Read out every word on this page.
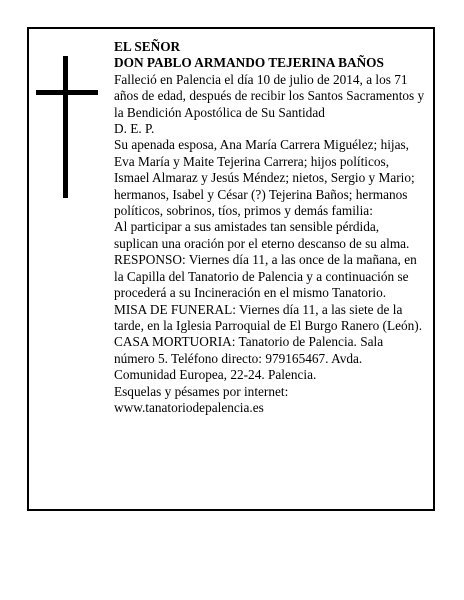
EL SEÑOR

DON PABLO ARMANDO TEJERINA BAÑOS

Falleció en Palencia el día 10 de julio de 2014, a los 71 años de edad, después de recibir los Santos Sacramentos y la Bendición Apostólica de Su Santidad

D. E. P.

Su apenada esposa, Ana María Carrera Miguélez; hijas, Eva María y Maite Tejerina Carrera; hijos políticos, Ismael Almaraz y Jesús Méndez; nietos, Sergio y Mario; hermanos, Isabel y César (?) Tejerina Baños; hermanos políticos, sobrinos, tíos, primos y demás familia:

Al participar a sus amistades tan sensible pérdida, suplican una oración por el eterno descanso de su alma.

RESPONSO: Viernes día 11, a las once de la mañana, en la Capilla del Tanatorio de Palencia y a continuación se procederá a su Incineración en el mismo Tanatorio.

MISA DE FUNERAL: Viernes día 11, a las siete de la tarde, en la Iglesia Parroquial de El Burgo Ranero (León).

CASA MORTUORIA: Tanatorio de Palencia. Sala número 5. Teléfono directo: 979165467. Avda. Comunidad Europea, 22-24. Palencia.

Esquelas y pésames por internet:

www.tanatoriodepalencia.es
